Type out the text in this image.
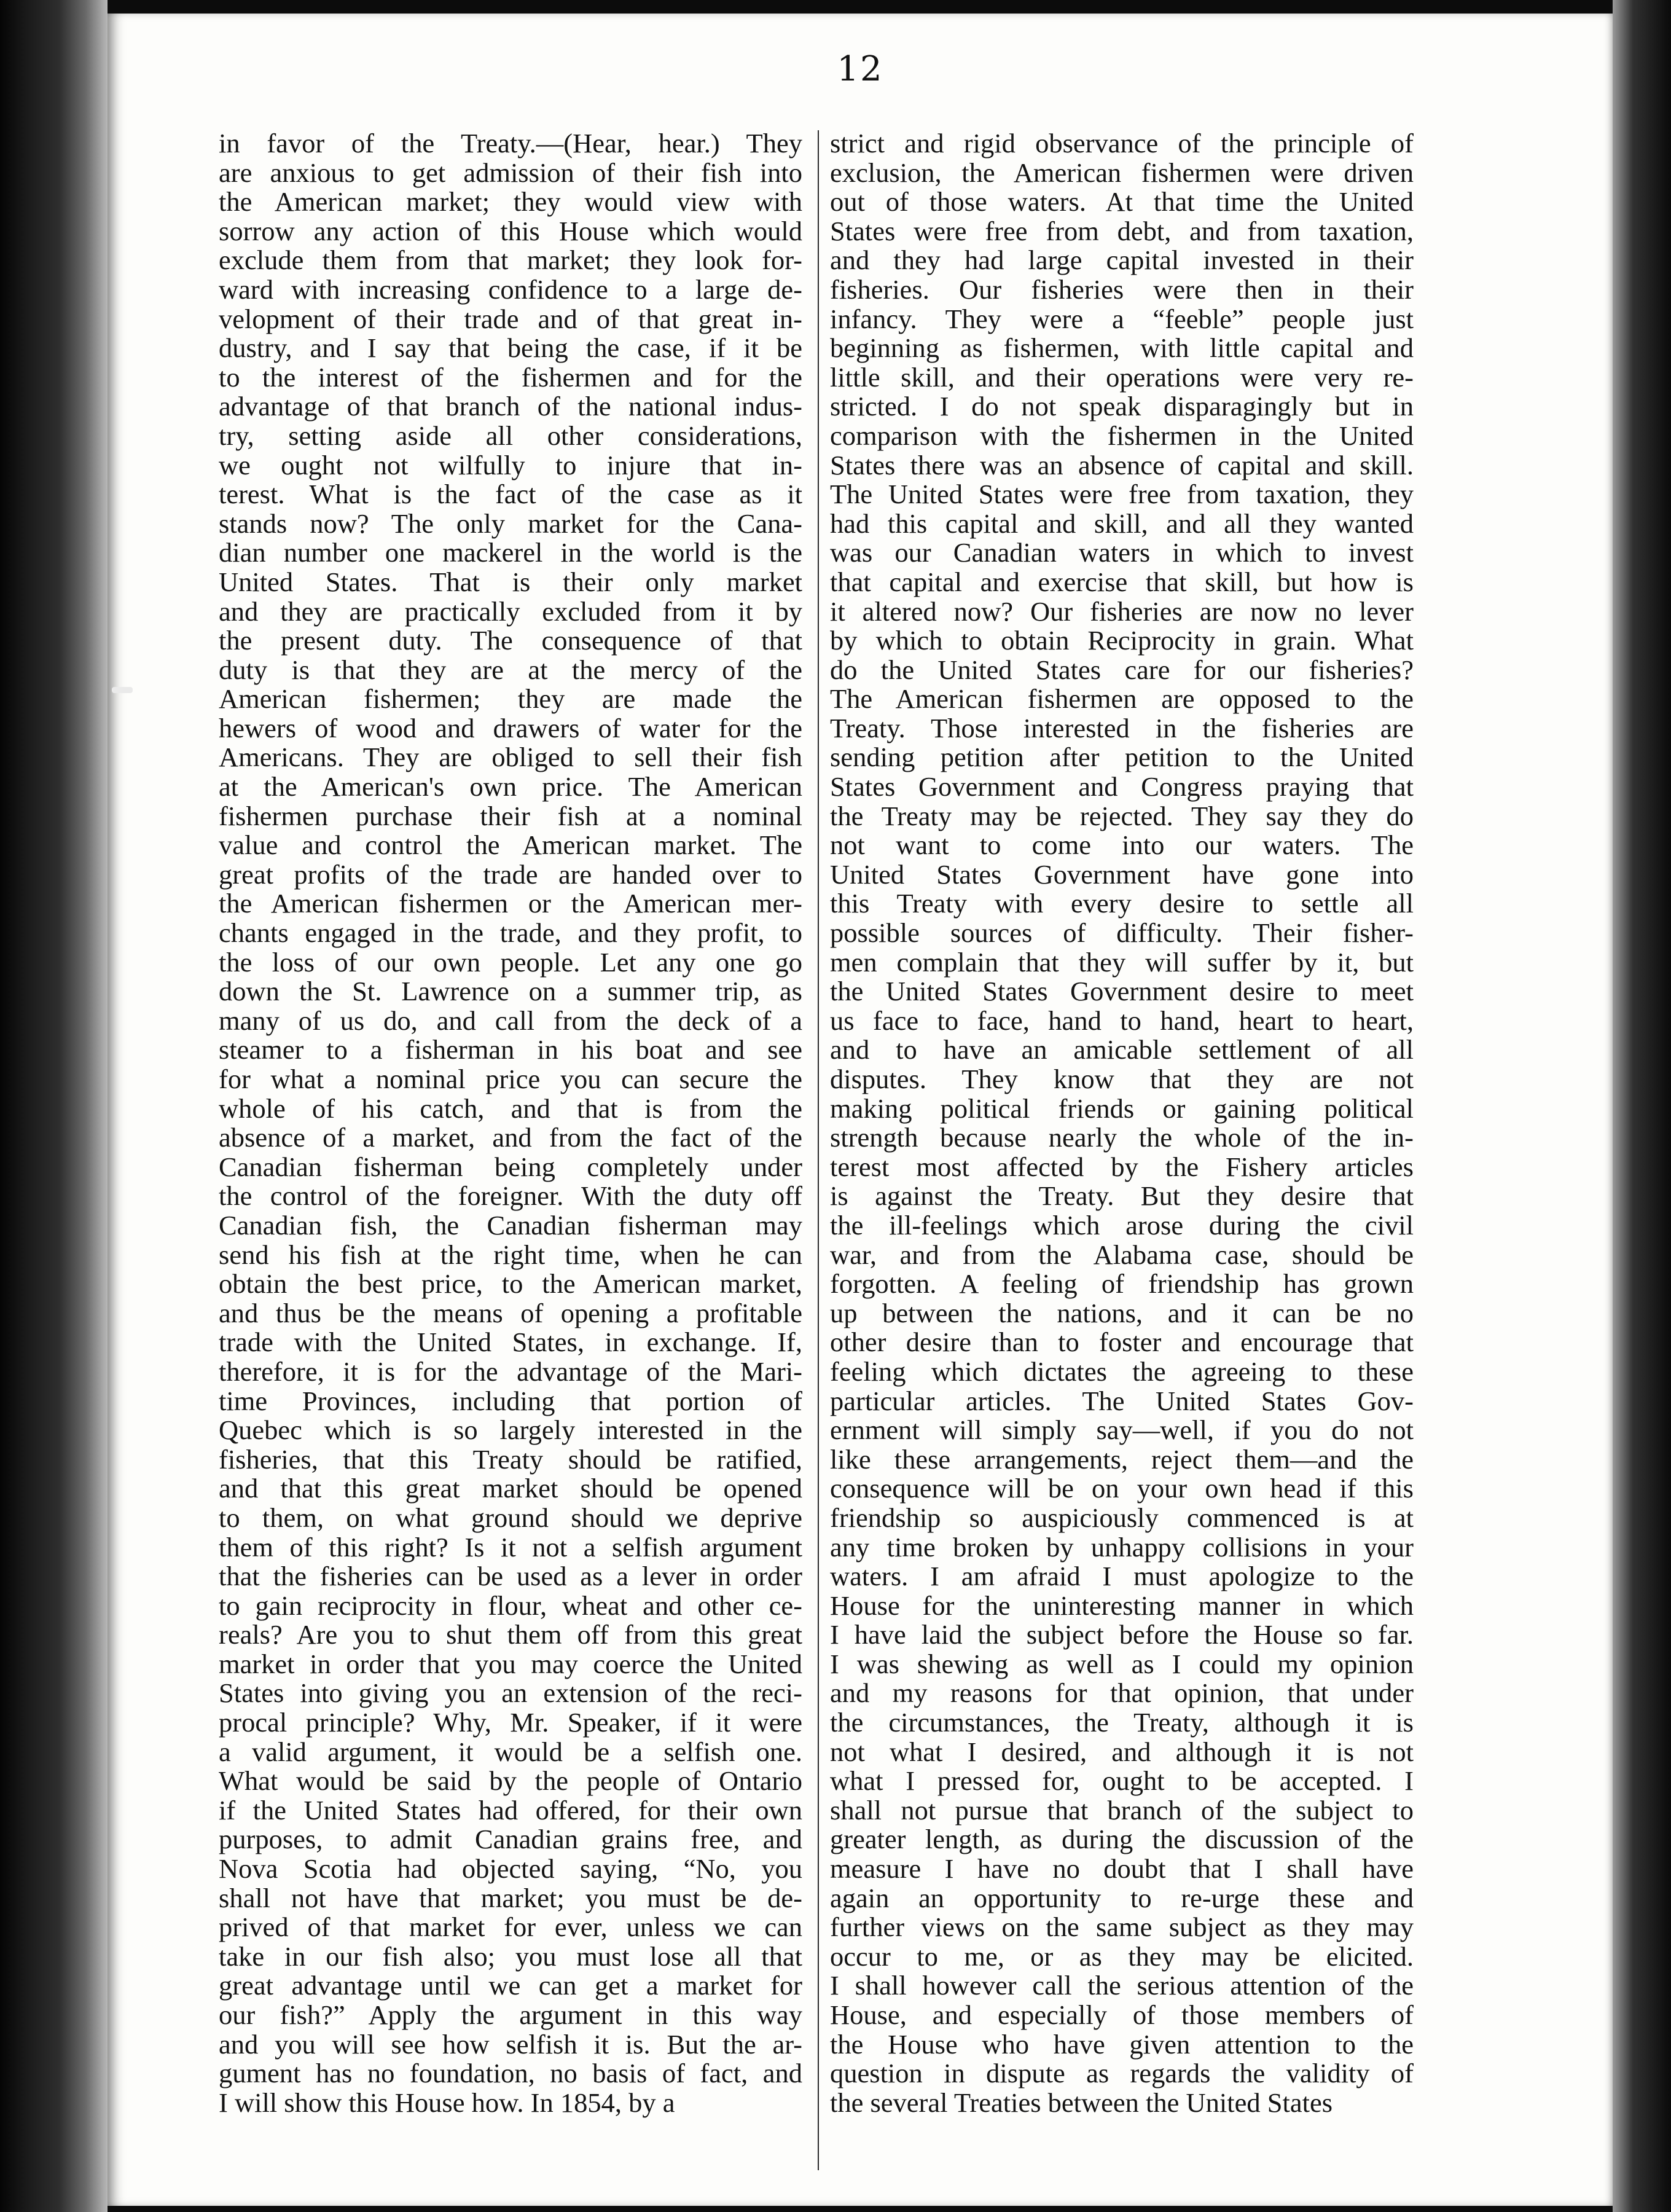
12
in favor of the Treaty.—(Hear, hear.) They
are anxious to get admission of their fish into
the American market; they would view with
sorrow any action of this House which would
exclude them from that market; they look for-
ward with increasing confidence to a large de-
velopment of their trade and of that great in-
dustry, and I say that being the case, if it be
to the interest of the fishermen and for the
advantage of that branch of the national indus-
try, setting aside all other considerations,
we ought not wilfully to injure that in-
terest. What is the fact of the case as it
stands now? The only market for the Cana-
dian number one mackerel in the world is the
United States. That is their only market
and they are practically excluded from it by
the present duty. The consequence of that
duty is that they are at the mercy of the
American fishermen; they are made the
hewers of wood and drawers of water for the
Americans. They are obliged to sell their fish
at the American's own price. The American
fishermen purchase their fish at a nominal
value and control the American market. The
great profits of the trade are handed over to
the American fishermen or the American mer-
chants engaged in the trade, and they profit, to
the loss of our own people. Let any one go
down the St. Lawrence on a summer trip, as
many of us do, and call from the deck of a
steamer to a fisherman in his boat and see
for what a nominal price you can secure the
whole of his catch, and that is from the
absence of a market, and from the fact of the
Canadian fisherman being completely under
the control of the foreigner. With the duty off
Canadian fish, the Canadian fisherman may
send his fish at the right time, when he can
obtain the best price, to the American market,
and thus be the means of opening a profitable
trade with the United States, in exchange. If,
therefore, it is for the advantage of the Mari-
time Provinces, including that portion of
Quebec which is so largely interested in the
fisheries, that this Treaty should be ratified,
and that this great market should be opened
to them, on what ground should we deprive
them of this right? Is it not a selfish argument
that the fisheries can be used as a lever in order
to gain reciprocity in flour, wheat and other ce-
reals? Are you to shut them off from this great
market in order that you may coerce the United
States into giving you an extension of the reci-
procal principle? Why, Mr. Speaker, if it were
a valid argument, it would be a selfish one.
What would be said by the people of Ontario
if the United States had offered, for their own
purposes, to admit Canadian grains free, and
Nova Scotia had objected saying, “No, you
shall not have that market; you must be de-
prived of that market for ever, unless we can
take in our fish also; you must lose all that
great advantage until we can get a market for
our fish?” Apply the argument in this way
and you will see how selfish it is. But the ar-
gument has no foundation, no basis of fact, and
I will show this House how. In 1854, by a
strict and rigid observance of the principle of
exclusion, the American fishermen were driven
out of those waters. At that time the United
States were free from debt, and from taxation,
and they had large capital invested in their
fisheries. Our fisheries were then in their
infancy. They were a “feeble” people just
beginning as fishermen, with little capital and
little skill, and their operations were very re-
stricted. I do not speak disparagingly but in
comparison with the fishermen in the United
States there was an absence of capital and skill.
The United States were free from taxation, they
had this capital and skill, and all they wanted
was our Canadian waters in which to invest
that capital and exercise that skill, but how is
it altered now? Our fisheries are now no lever
by which to obtain Reciprocity in grain. What
do the United States care for our fisheries?
The American fishermen are opposed to the
Treaty. Those interested in the fisheries are
sending petition after petition to the United
States Government and Congress praying that
the Treaty may be rejected. They say they do
not want to come into our waters. The
United States Government have gone into
this Treaty with every desire to settle all
possible sources of difficulty. Their fisher-
men complain that they will suffer by it, but
the United States Government desire to meet
us face to face, hand to hand, heart to heart,
and to have an amicable settlement of all
disputes. They know that they are not
making political friends or gaining political
strength because nearly the whole of the in-
terest most affected by the Fishery articles
is against the Treaty. But they desire that
the ill-feelings which arose during the civil
war, and from the Alabama case, should be
forgotten. A feeling of friendship has grown
up between the nations, and it can be no
other desire than to foster and encourage that
feeling which dictates the agreeing to these
particular articles. The United States Gov-
ernment will simply say—well, if you do not
like these arrangements, reject them—and the
consequence will be on your own head if this
friendship so auspiciously commenced is at
any time broken by unhappy collisions in your
waters. I am afraid I must apologize to the
House for the uninteresting manner in which
I have laid the subject before the House so far.
I was shewing as well as I could my opinion
and my reasons for that opinion, that under
the circumstances, the Treaty, although it is
not what I desired, and although it is not
what I pressed for, ought to be accepted. I
shall not pursue that branch of the subject to
greater length, as during the discussion of the
measure I have no doubt that I shall have
again an opportunity to re-urge these and
further views on the same subject as they may
occur to me, or as they may be elicited.
I shall however call the serious attention of the
House, and especially of those members of
the House who have given attention to the
question in dispute as regards the validity of
the several Treaties between the United States
